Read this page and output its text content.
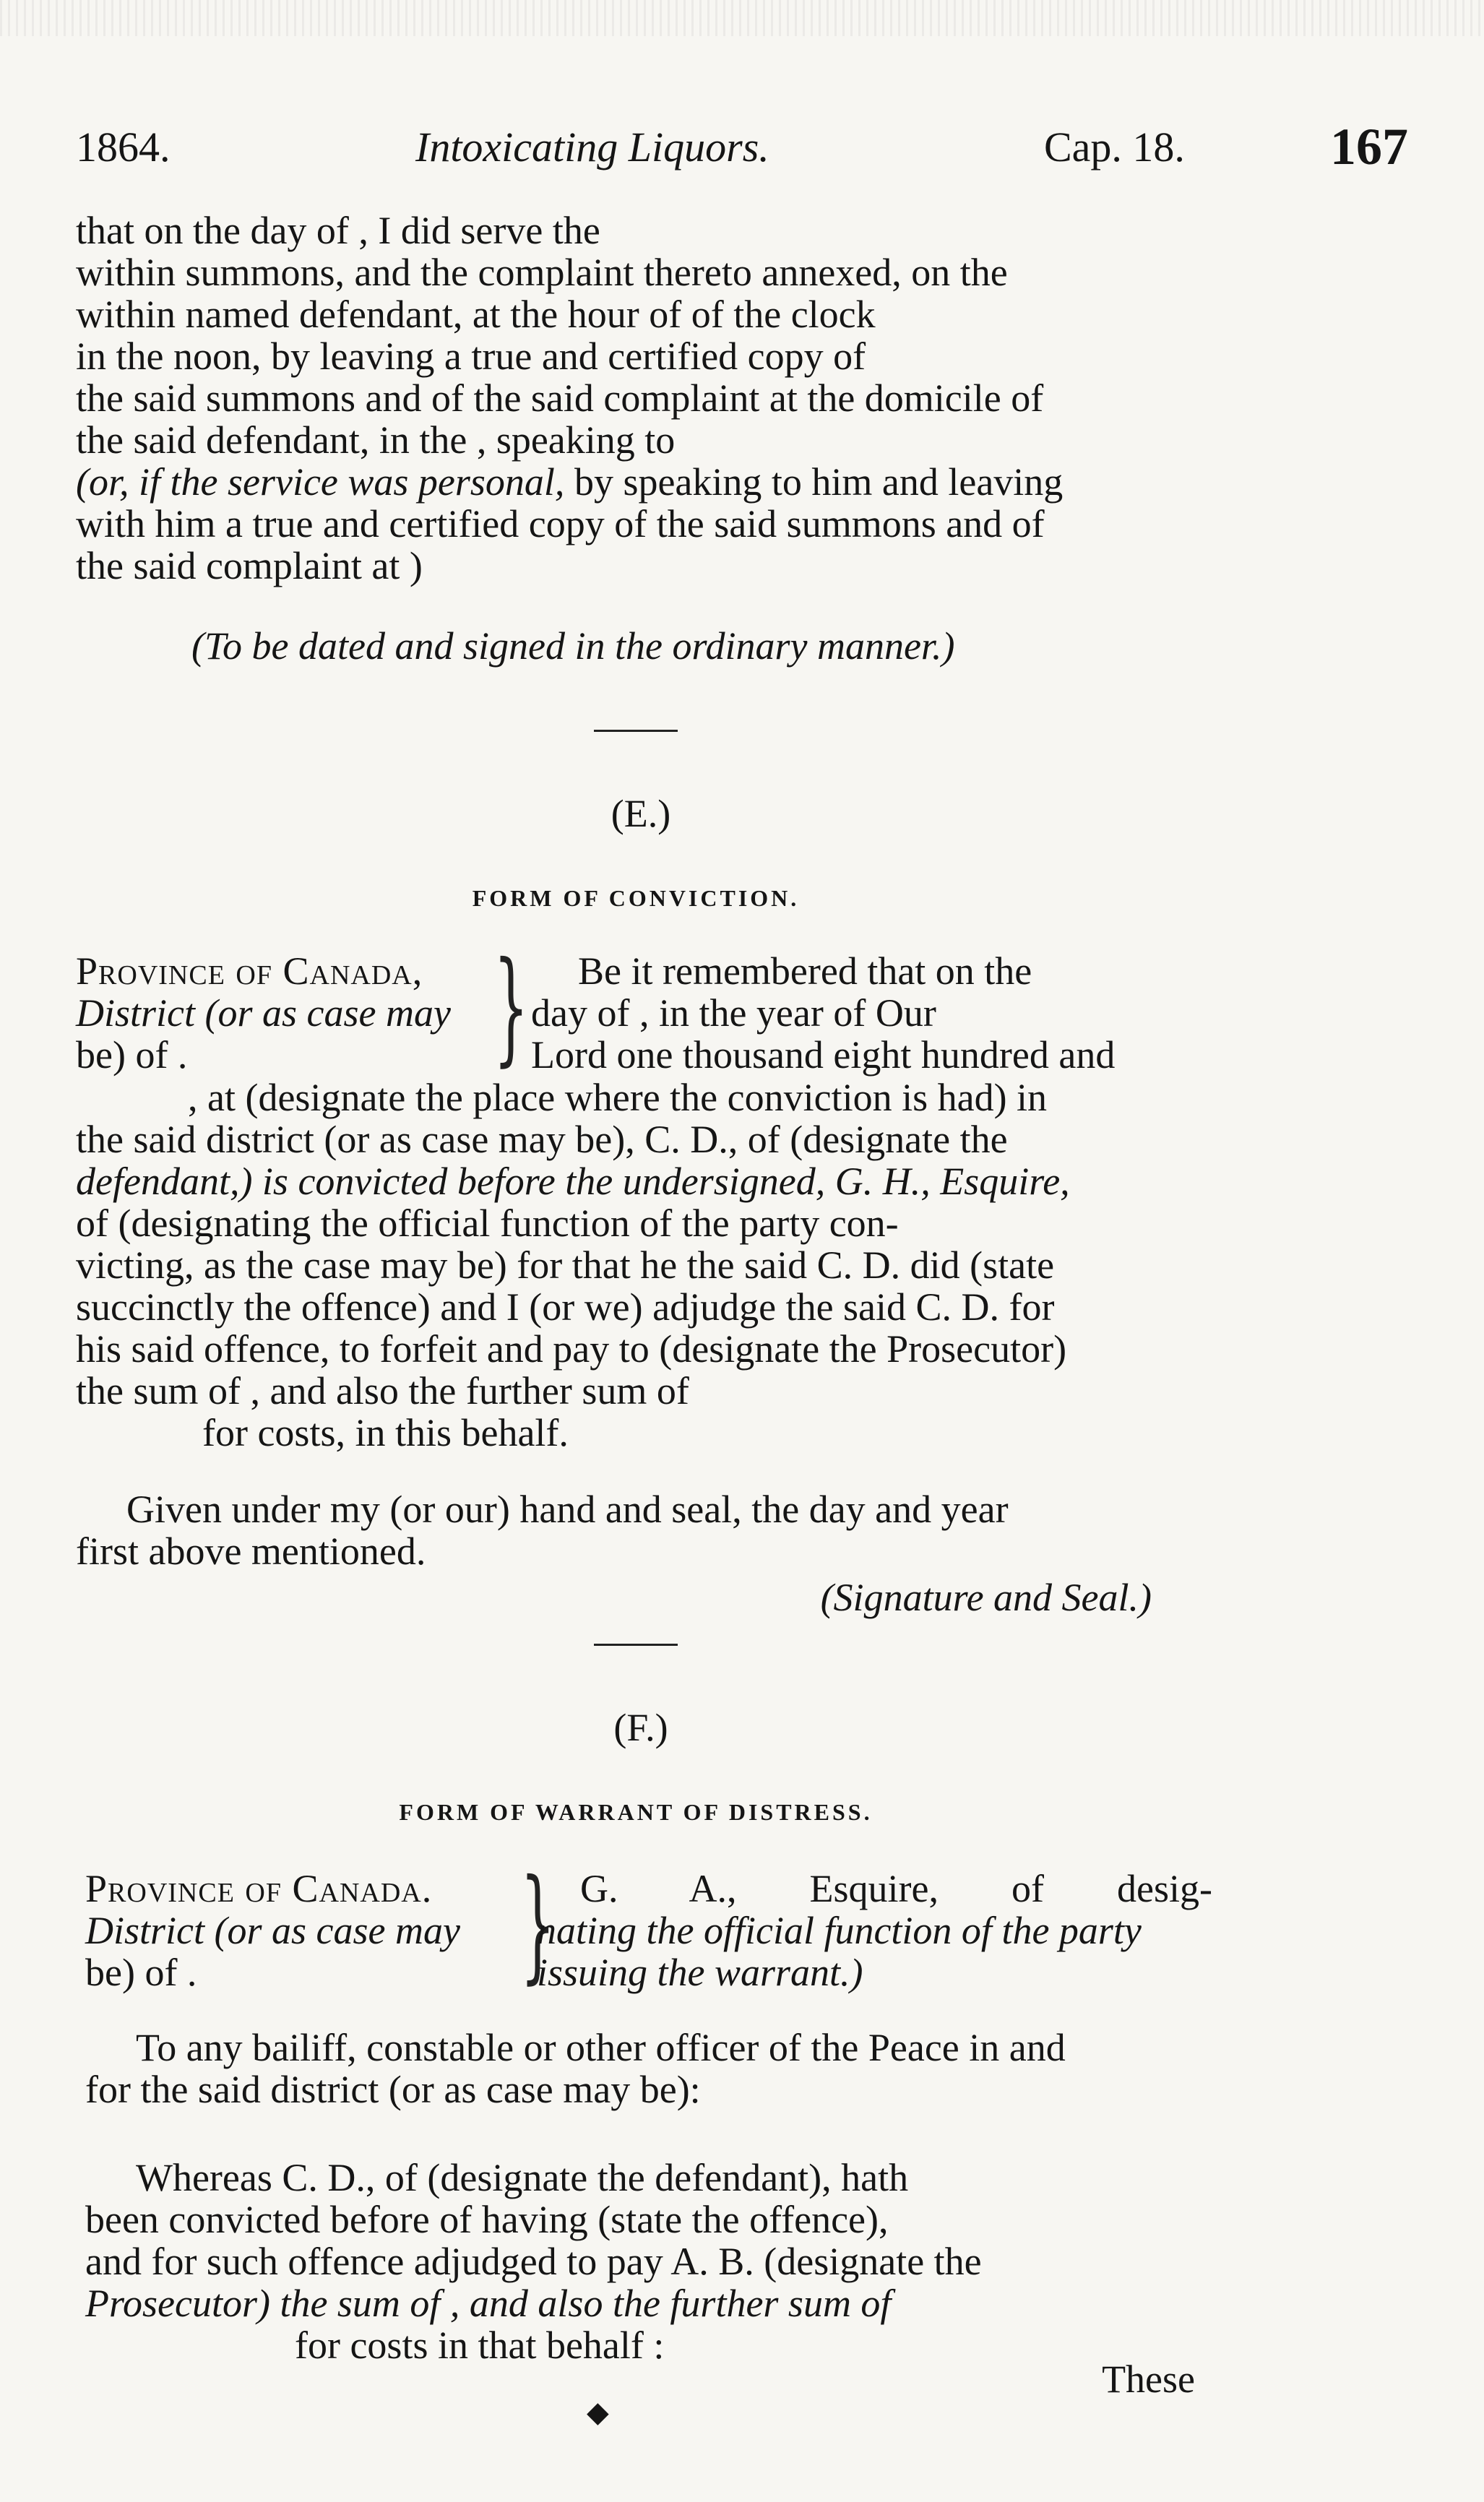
1864.	Intoxicating Liquors.	Cap. 18.	167
that on the day of , I did serve the
within summons, and the complaint thereto annexed, on the
within named defendant, at the hour of of the clock
in the noon, by leaving a true and certified copy of
the said summons and of the said complaint at the domicile of
the said defendant, in the , speaking to
(or, if the service was personal, by speaking to him and leaving
with him a true and certified copy of the said summons and of
the said complaint at )
(To be dated and signed in the ordinary manner.)
(E.)
FORM OF CONVICTION.
Province of Canada,
District (or as case may
be) of . } Be it remembered that on the
day of , in the year of Our
Lord one thousand eight hundred and
, at (designate the place where the conviction is had) in
the said district (or as case may be), C. D., of (designate the
defendant,) is convicted before the undersigned, G. H., Esquire,
of (designating the official function of the party con-
victing, as the case may be) for that he the said C. D. did (state
succinctly the offence) and I (or we) adjudge the said C. D. for
his said offence, to forfeit and pay to (designate the Prosecutor)
the sum of , and also the further sum of
for costs, in this behalf.
Given under my (or our) hand and seal, the day and year
first above mentioned.
(Signature and Seal.)
(F.)
FORM OF WARRANT OF DISTRESS.
Province of Canada.
District (or as case may
be) of .	} G. A., Esquire, of desig-
nating the official function of the party
issuing the warrant.)
To any bailiff, constable or other officer of the Peace in and
for the said district (or as case may be):
Whereas C. D., of (designate the defendant), hath
been convicted before of having (state the offence),
and for such offence adjudged to pay A. B. (designate the
Prosecutor) the sum of , and also the further sum of
for costs in that behalf :
These
◆
